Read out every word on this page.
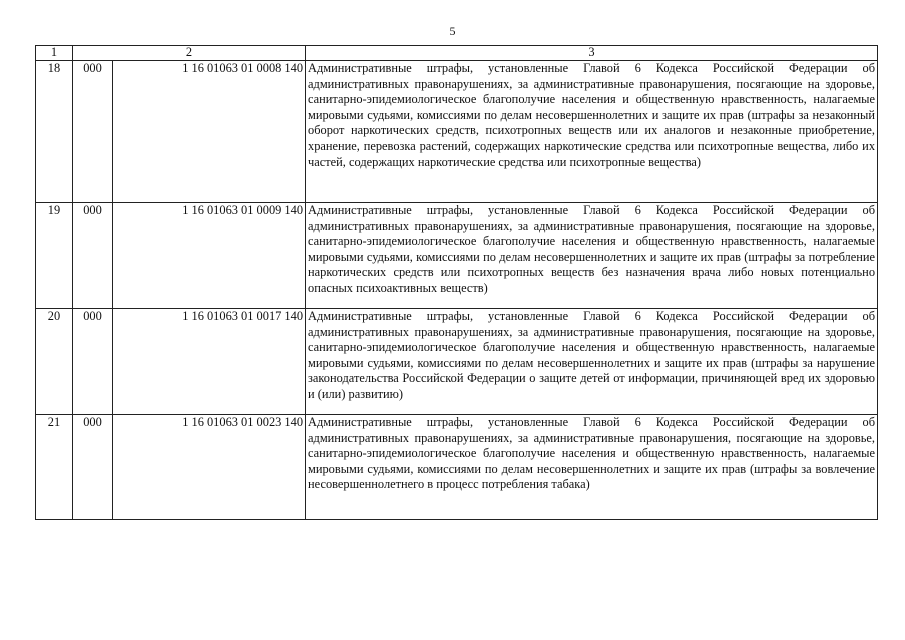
5
1	2		3
18	000	1 16 01063 01 0008 140	Административные штрафы, установленные Главой 6 Кодекса Российской Федерации об административных правонарушениях, за административные правонарушения, посягающие на здоровье, санитарно-эпидемиологическое благополучие населения и общественную нравственность, налагаемые мировыми судьями, комиссиями по делам несовершеннолетних и защите их прав (штрафы за незаконный оборот наркотических средств, психотропных веществ или их аналогов и незаконные приобретение, хранение, перевозка растений, содержащих наркотические средства или психотропные вещества, либо их частей, содержащих наркотические средства или психотропные вещества)
19	000	1 16 01063 01 0009 140	Административные штрафы, установленные Главой 6 Кодекса Российской Федерации об административных правонарушениях, за административные правонарушения, посягающие на здоровье, санитарно-эпидемиологическое благополучие населения и общественную нравственность, налагаемые мировыми судьями, комиссиями по делам несовершеннолетних и защите их прав (штрафы за потребление наркотических средств или психотропных веществ без назначения врача либо новых потенциально опасных психоактивных веществ)
20	000	1 16 01063 01 0017 140	Административные штрафы, установленные Главой 6 Кодекса Российской Федерации об административных правонарушениях, за административные правонарушения, посягающие на здоровье, санитарно-эпидемиологическое благополучие населения и общественную нравственность, налагаемые мировыми судьями, комиссиями по делам несовершеннолетних и защите их прав (штрафы за нарушение законодательства Российской Федерации о защите детей от информации, причиняющей вред их здоровью и (или) развитию)
21	000	1 16 01063 01 0023 140	Административные штрафы, установленные Главой 6 Кодекса Российской Федерации об административных правонарушениях, за административные правонарушения, посягающие на здоровье, санитарно-эпидемиологическое благополучие населения и общественную нравственность, налагаемые мировыми судьями, комиссиями по делам несовершеннолетних и защите их прав (штрафы за вовлечение несовершеннолетнего в процесс потребления табака)
